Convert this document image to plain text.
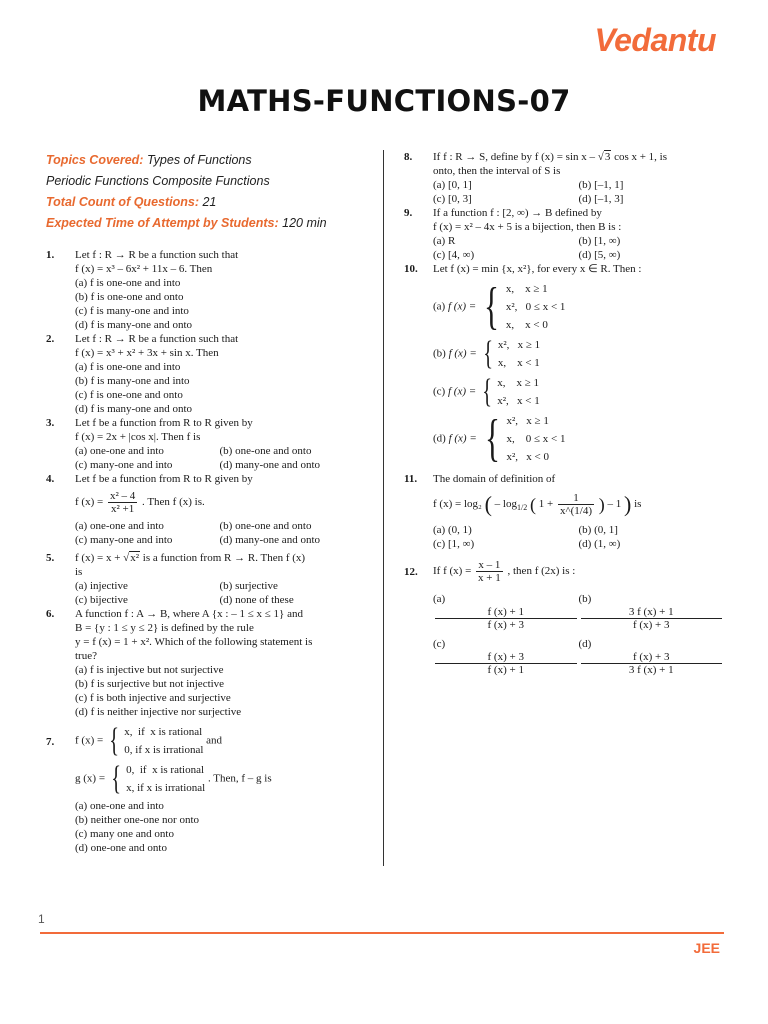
Vedantu
MATHS-FUNCTIONS-07
Topics Covered: Types of Functions
Periodic Functions Composite Functions
Total Count of Questions: 21
Expected Time of Attempt by Students: 120 min
1. Let f : R → R be a function such that
f (x) = x³ – 6x² + 11x – 6. Then
(a) f is one-one and into
(b) f is one-one and onto
(c) f is many-one and into
(d) f is many-one and onto
2. Let f : R → R be a function such that
f (x) = x³ + x² + 3x + sin x. Then
(a) f is one-one and into
(b) f is many-one and into
(c) f is one-one and onto
(d) f is many-one and onto
3. Let f be a function from R to R given by
f (x) = 2x + |cos x|. Then f is
(a) one-one and into	(b) one-one and onto
(c) many-one and into	(d) many-one and onto
4. Let f be a function from R to R given by
f $(x) = \frac{\text{x² – 4}}{\text{x² +1}}$ . Then f (x) is.
(a) one-one and into	(b) one-one and onto
(c) many-one and into	(d) many-one and onto
5. f (x) = x + √x² is a function from R → R. Then f (x)
is
(a) injective	(b) surjective
(c) bijective	(d) none of these
6. A function f : A → B, where A {x : – 1 ≤ x ≤ 1} and
B = {y : 1 ≤ y ≤ 2} is defined by the rule
y = f (x) = 1 + x². Which of the following statement is
true?
(a) f is injective but not surjective
(b) f is surjective but not injective
(c) f is both injective and surjective
(d) f is neither injective nor surjective
7. f (x) = { x,  if  x is rational
0, if x is irrational
and
g (x) = { 0,  if  x is rational
x, if x is irrational
. Then, f – g is
(a) one-one and into
(b) neither one-one nor onto
(c) many one and onto
(d) one-one and onto
8. If f : R → S, define by f (x) = sin x – √3 cos x + 1, is
onto, then the interval of S is
(a) [0, 1]	(b) [–1, 1]
(c) [0, 3]	(d) [–1, 3]
9. If a function f : [2, ∞) → B defined by
f (x) = x² – 4x + 5 is a bijection, then B is :
(a) R	(b) [1, ∞)
(c) [4, ∞)	(d) [5, ∞)
10. Let f (x) = min {x, x²}, for every x ∈ R. Then :
(a) f (x) = { x,    x ≥ 1
x²,   0 ≤ x < 1
x,    x < 0
(b) f (x) = { x²,   x ≥ 1
x,    x < 1
(c) f (x) = { x,    x ≥ 1
x²,   x < 1
(d) f (x) = { x²,   x ≥ 1
x,    0 ≤ x < 1
x²,   x < 0
11. The domain of definition of
f (x) = log₂ ( – $\log_{1/2}$ ( $1 + \frac{1}{x\^{}(1/4)}$ ) – 1 ) is
(a) (0, 1)	(b) (0, 1]
(c) [1, ∞)	(d) (1, ∞)
12. If f $(x) = \frac{x - 1}{x + 1}$ , then f (2x) is :
(a)
f (x) + 1
f (x) + 3
(b)
3 f (x) + 1
f (x) + 3
(c)
f (x) + 3
f (x) + 1
(d)
f (x) + 3
3 f (x) + 1
1
JEE
